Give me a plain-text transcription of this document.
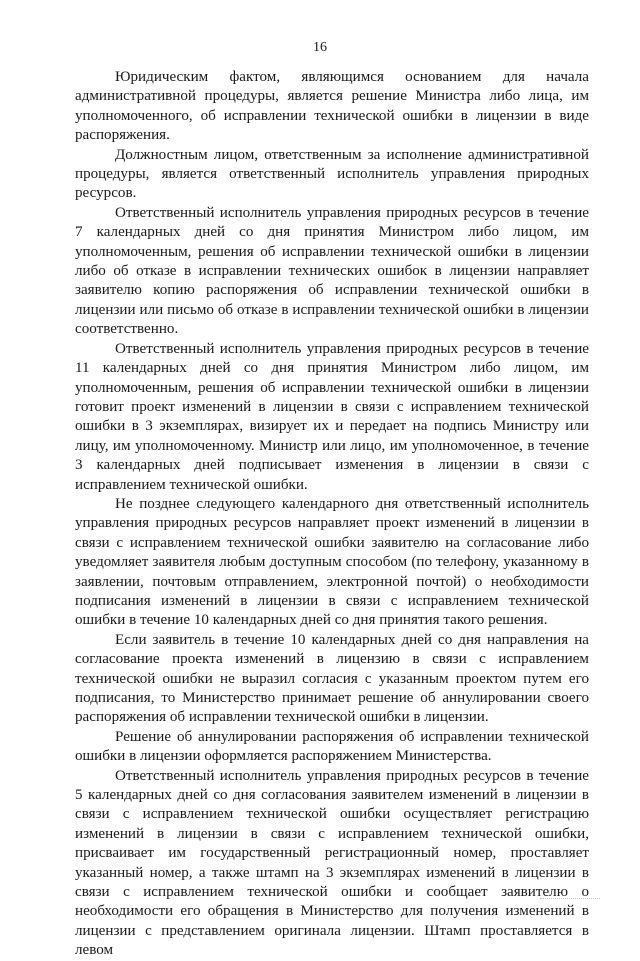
16

Юридическим фактом, являющимся основанием для начала административной процедуры, является решение Министра либо лица, им уполномоченного, об исправлении технической ошибки в лицензии в виде распоряжения.

Должностным лицом, ответственным за исполнение административной процедуры, является ответственный исполнитель управления природных ресурсов.

Ответственный исполнитель управления природных ресурсов в течение 7 календарных дней со дня принятия Министром либо лицом, им уполномоченным, решения об исправлении технической ошибки в лицензии либо об отказе в исправлении технических ошибок в лицензии направляет заявителю копию распоряжения об исправлении технической ошибки в лицензии или письмо об отказе в исправлении технической ошибки в лицензии соответственно.

Ответственный исполнитель управления природных ресурсов в течение 11 календарных дней со дня принятия Министром либо лицом, им уполномоченным, решения об исправлении технической ошибки в лицензии готовит проект изменений в лицензии в связи с исправлением технической ошибки в 3 экземплярах, визирует их и передает на подпись Министру или лицу, им уполномоченному. Министр или лицо, им уполномоченное, в течение 3 календарных дней подписывает изменения в лицензии в связи с исправлением технической ошибки.

Не позднее следующего календарного дня ответственный исполнитель управления природных ресурсов направляет проект изменений в лицензии в связи с исправлением технической ошибки заявителю на согласование либо уведомляет заявителя любым доступным способом (по телефону, указанному в заявлении, почтовым отправлением, электронной почтой) о необходимости подписания изменений в лицензии в связи с исправлением технической ошибки в течение 10 календарных дней со дня принятия такого решения.

Если заявитель в течение 10 календарных дней со дня направления на согласование проекта изменений в лицензию в связи с исправлением технической ошибки не выразил согласия с указанным проектом путем его подписания, то Министерство принимает решение об аннулировании своего распоряжения об исправлении технической ошибки в лицензии.

Решение об аннулировании распоряжения об исправлении технической ошибки в лицензии оформляется распоряжением Министерства.

Ответственный исполнитель управления природных ресурсов в течение 5 календарных дней со дня согласования заявителем изменений в лицензии в связи с исправлением технической ошибки осуществляет регистрацию изменений в лицензии в связи с исправлением технической ошибки, присваивает им государственный регистрационный номер, проставляет указанный номер, а также штамп на 3 экземплярах изменений в лицензии в связи с исправлением технической ошибки и сообщает заявителю о необходимости его обращения в Министерство для получения изменений в лицензии с представлением оригинала лицензии. Штамп проставляется в левом
